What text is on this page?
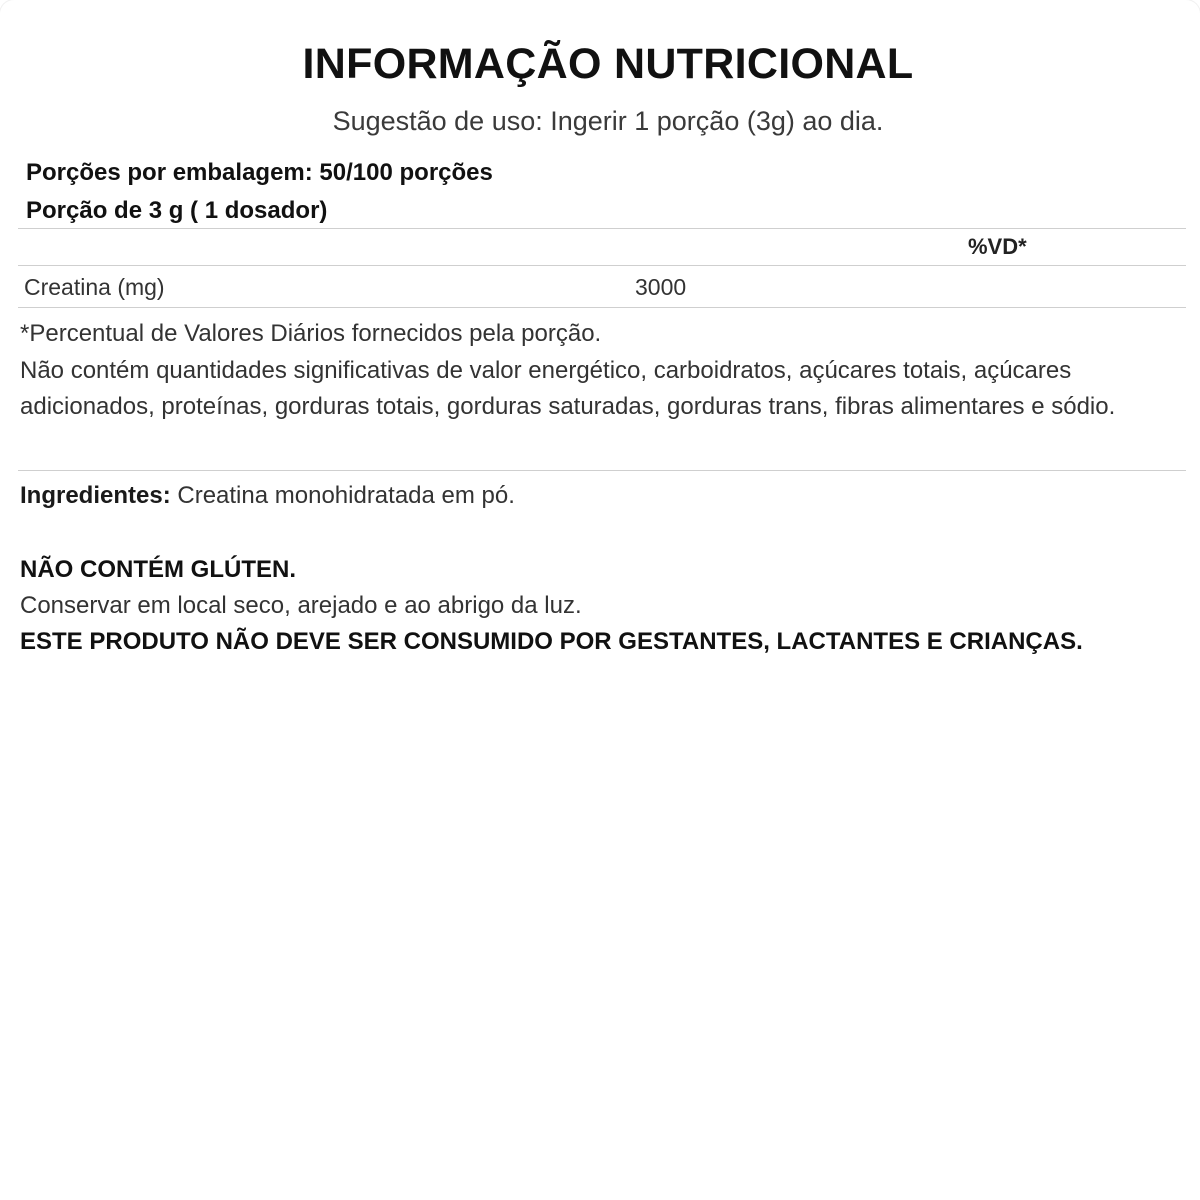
INFORMAÇÃO NUTRICIONAL
Sugestão de uso: Ingerir 1 porção (3g) ao dia.
Porções por embalagem: 50/100 porções
Porção de 3 g ( 1 dosador)
%VD*
Creatina (mg)	3000
*Percentual de Valores Diários fornecidos pela porção.
Não contém quantidades significativas de valor energético, carboidratos, açúcares totais, açúcares adicionados, proteínas, gorduras totais, gorduras saturadas, gorduras trans, fibras alimentares e sódio.
Ingredientes: Creatina monohidratada em pó.
NÃO CONTÉM GLÚTEN.
Conservar em local seco, arejado e ao abrigo da luz.
ESTE PRODUTO NÃO DEVE SER CONSUMIDO POR GESTANTES, LACTANTES E CRIANÇAS.
